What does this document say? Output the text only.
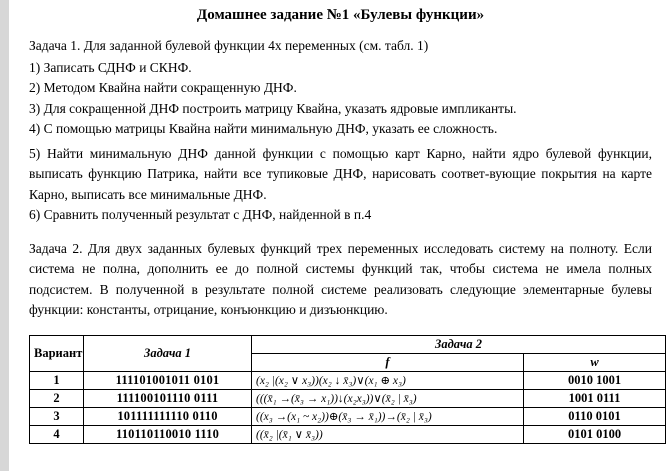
Домашнее задание №1 «Булевы функции»

Задача 1. Для заданной булевой функции 4х переменных (см. табл. 1)

1) Записать СДНФ и СКНФ.

2) Методом Квайна найти сокращенную ДНФ.

3) Для сокращенной ДНФ построить матрицу Квайна, указать ядровые импликанты.

4) С помощью матрицы Квайна найти минимальную ДНФ, указать ее сложность.

5) Найти минимальную ДНФ данной функции с помощью карт Карно, найти ядро булевой функции, выписать функцию Патрика, найти все тупиковые ДНФ, нарисовать соответ-вующие покрытия на карте Карно, выписать все минимальные ДНФ.

6) Сравнить полученный результат с ДНФ, найденной в п.4

Задача 2. Для двух заданных булевых функций трех переменных исследовать систему на полноту. Если система не полна, дополнить ее до полной системы функций так, чтобы система не имела полных подсистем. В полученной в результате полной системе реализовать следующие элементарные булевы функции: константы, отрицание, конъюнкцию и дизъюнкцию.

Вариант	Задача 1	Задача 2	
		f	w
1	111101001011 0101	(x₂ |(x₂ ∨ x₃))(x₂ ↓ x̄₃)∨(x₁ ⊕ x₃)	0010 1001
2	111100101110 0111	(((x̄₁ →(x̄₃ → x₁))↓(x₂x₃))∨(x̄₂ | x̄₃)	1001 0111
3	101111111110 0110	((x₃ →(x₁ ~ x₂))⊕(x̄₃ → x̄₁))→(x̄₂ | x̄₃)	0110 0101
4	110110110010 1110	((x̄₂ |(x̄₁ ∨ x̄₃))	0101 0100
